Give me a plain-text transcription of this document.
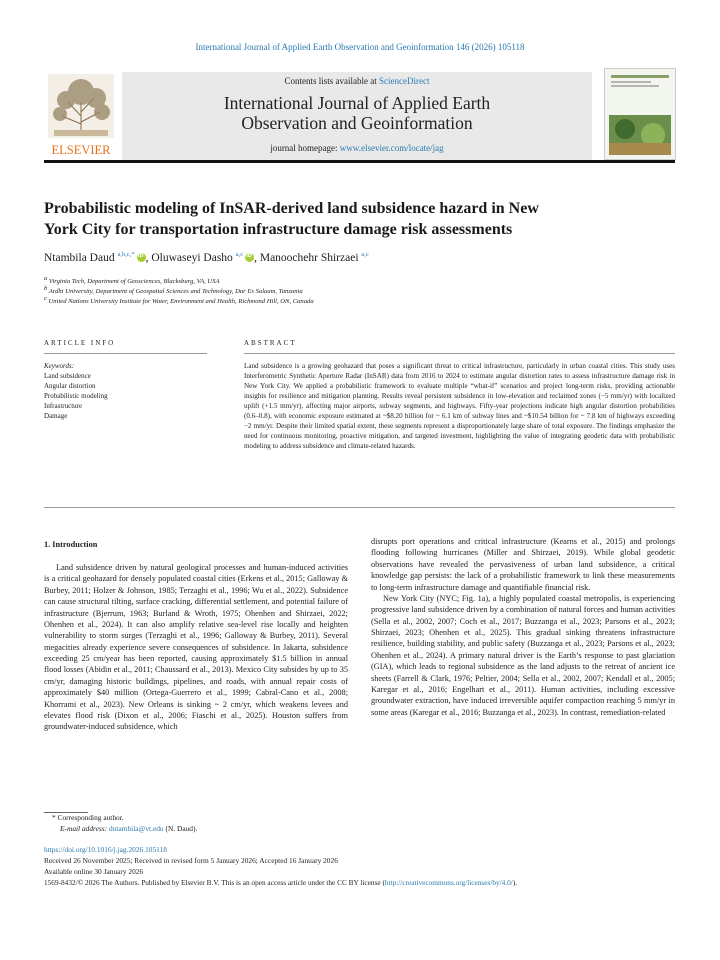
International Journal of Applied Earth Observation and Geoinformation 146 (2026) 105118
Contents lists available at ScienceDirect
International Journal of Applied Earth
Observation and Geoinformation
journal homepage: www.elsevier.com/locate/jag
ELSEVIER
Probabilistic modeling of InSAR-derived land subsidence hazard in New
York City for transportation infrastructure damage risk assessments
Ntambila Daud $^{a,b,c,*}$ iD , Oluwaseyi Dasho $^{a,c}$ iD , Manoochehr Shirzaei $^{a,c}$
a Virginia Tech, Department of Geosciences, Blacksburg, VA, USA
b Ardhi University, Department of Geospatial Sciences and Technology, Dar Es Salaam, Tanzania
c United Nations University Institute for Water, Environment and Health, Richmond Hill, ON, Canada
ARTICLE INFO	ABSTRACT
Keywords:
Land subsidence
Angular distortion
Probabilistic modeling
Infrastructure
Damage
Land subsidence is a growing geohazard that poses a significant threat to critical infrastructure, particularly in urban coastal cities. This study uses Interferometric Synthetic Aperture Radar (InSAR) data from 2016 to 2024 to estimate angular distortion rates to assess infrastructure damage risk in New York City. We applied a probabilistic framework to evaluate multiple “what-if” scenarios and project long-term risks, providing actionable insights for resilience and mitigation planning. Results reveal persistent subsidence in low-elevation and reclaimed zones (−5 mm/yr) with localized uplift (+1.5 mm/yr), affecting major airports, subway segments, and highways. Fifty-year projections indicate high angular distortion probabilities (0.6–0.8), with economic exposure estimated at ~$8.20 billion for ~ 6.1 km of subway lines and ~$10.54 billion for ~ 7.8 km of highways exceeding −2 mm/yr. Despite their limited spatial extent, these segments represent a disproportionately large share of total exposure. The findings emphasize the need for continuous monitoring, proactive mitigation, and targeted investment, highlighting the value of integrating geodetic data with probabilistic modeling to address subsidence and climate-related hazards.
1. Introduction

Land subsidence driven by natural geological processes and human-induced activities is a critical geohazard for densely populated coastal cities (Erkens et al., 2015; Galloway & Burbey, 2011; Holzer & Johnson, 1985; Terzaghi et al., 1996; Wu et al., 2022). Subsidence can cause structural tilting, surface cracking, differential settlement, and potential failure of infrastructure (Bjerrum, 1963; Burland & Wroth, 1975; Ohenhen and Shirzaei, 2022; Ohenhen et al., 2024). It can also amplify relative sea-level rise locally and heighten vulnerability to storm surges (Terzaghi et al., 1996; Galloway & Burbey, 2011). Several megacities already experience severe consequences of subsidence. In Jakarta, subsidence exceeding 25 cm/year has been reported, causing approximately $1.5 billion in annual flood losses (Abidin et al., 2011; Chaussard et al., 2013). Mexico City subsides by up to 35 cm/yr, damaging historic buildings, pipelines, and roads, with annual repair costs of approximately $40 million (Ortega-Guerrero et al., 1999; Cabral-Cano et al., 2008; Khorrami et al., 2023). New Orleans is sinking ~ 2 cm/yr, which weakens levees and elevates flood risk (Dixon et al., 2006; Fiaschi et al., 2025). Houston suffers from groundwater-induced subsidence, which

disrupts port operations and critical infrastructure (Kearns et al., 2015) and prolongs flooding following hurricanes (Miller and Shirzaei, 2019). While global geodetic observations have revealed the pervasiveness of urban land subsidence, a critical knowledge gap persists: the lack of a probabilistic framework to link these measurements to long-term infrastructure damage and quantifiable financial risk.

New York City (NYC; Fig. 1a), a highly populated coastal metropolis, is experiencing progressive land subsidence driven by a combination of natural forces and human activities (Sella et al., 2002, 2007; Coch et al., 2017; Buzzanga et al., 2023; Parsons et al., 2023; Shirzaei, 2023; Ohenhen et al., 2025). This gradual sinking threatens infrastructure resilience, building stability, and public safety (Buzzanga et al., 2023; Parsons et al., 2023; Ohenhen et al., 2024). A primary natural driver is the Earth’s response to past glaciation (GIA), which leads to regional subsidence as the land adjusts to the retreat of ancient ice sheets (Farrell & Clark, 1976; Peltier, 2004; Sella et al., 2002, 2007; Kendall et al., 2005; Karegar et al., 2016; Engelhart et al., 2011). Human activities, including excessive groundwater extraction, have induced irreversible aquifer compaction reaching 5 mm/yr in some areas (Karegar et al., 2016; Buzzanga et al., 2023). In contrast, remediation-related

* Corresponding author.
E-mail address: dutambila@vt.edu (N. Daud).
https://doi.org/10.1016/j.jag.2026.105118
Received 26 November 2025; Received in revised form 5 January 2026; Accepted 16 January 2026
Available online 30 January 2026
1569-8432/© 2026 The Authors. Published by Elsevier B.V. This is an open access article under the CC BY license (http://creativecommons.org/licenses/by/4.0/).
